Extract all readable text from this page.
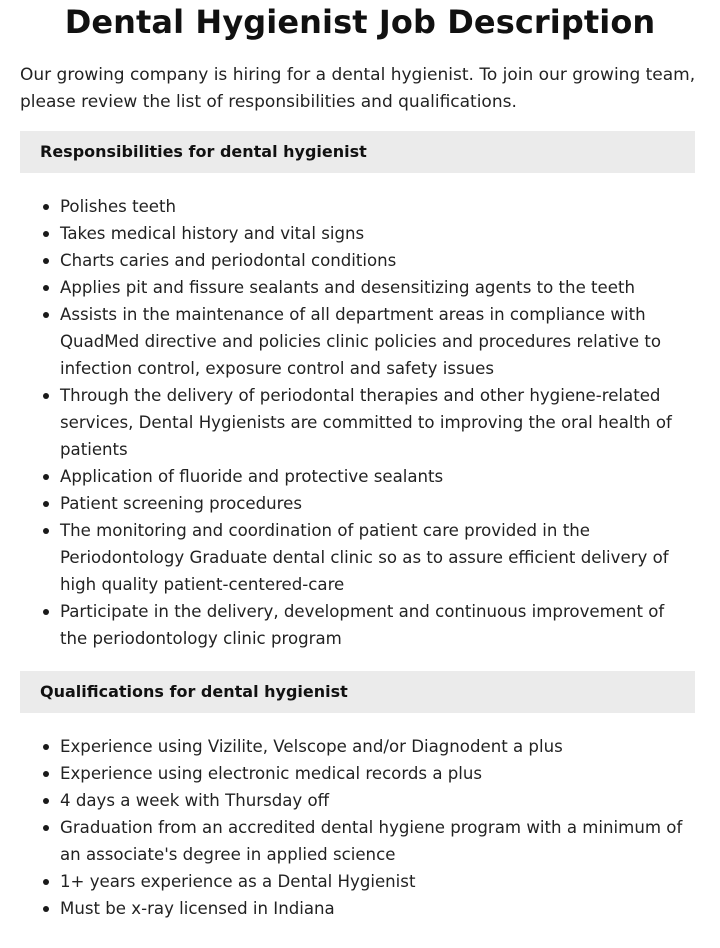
Dental Hygienist Job Description

Our growing company is hiring for a dental hygienist. To join our growing team, please review the list of responsibilities and qualifications.

Responsibilities for dental hygienist
Polishes teeth
Takes medical history and vital signs
Charts caries and periodontal conditions
Applies pit and fissure sealants and desensitizing agents to the teeth
Assists in the maintenance of all department areas in compliance with QuadMed directive and policies clinic policies and procedures relative to infection control, exposure control and safety issues
Through the delivery of periodontal therapies and other hygiene-related services, Dental Hygienists are committed to improving the oral health of patients
Application of fluoride and protective sealants
Patient screening procedures
The monitoring and coordination of patient care provided in the Periodontology Graduate dental clinic so as to assure efficient delivery of high quality patient-centered-care
Participate in the delivery, development and continuous improvement of the periodontology clinic program
Qualifications for dental hygienist
Experience using Vizilite, Velscope and/or Diagnodent a plus
Experience using electronic medical records a plus
4 days a week with Thursday off
Graduation from an accredited dental hygiene program with a minimum of an associate's degree in applied science
1+ years experience as a Dental Hygienist
Must be x-ray licensed in Indiana
